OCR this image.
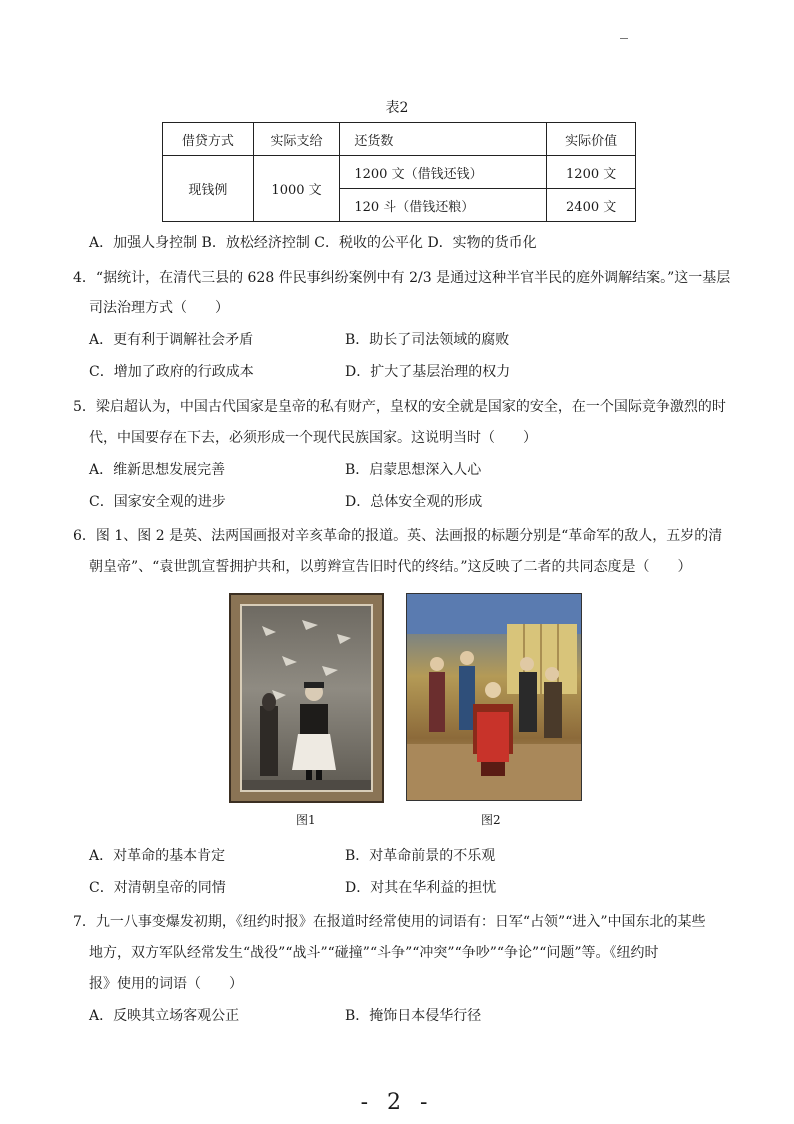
表2
借贷方式	实际支给	还货数	实际价值
现钱例	1000 文	1200 文（借钱还钱）	1200 文
		120 斗（借钱还粮）	2400 文
A．加强人身控制 B．放松经济控制 C．税收的公平化 D．实物的货币化
4．“据统计，在清代三县的 628 件民事纠纷案例中有 2/3 是通过这种半官半民的庭外调解结案。”这一基层
司法治理方式（　　）
A．更有利于调解社会矛盾	B．助长了司法领域的腐败
C．增加了政府的行政成本	D．扩大了基层治理的权力
5．梁启超认为，中国古代国家是皇帝的私有财产，皇权的安全就是国家的安全，在一个国际竞争激烈的时
代，中国要存在下去，必须形成一个现代民族国家。这说明当时（　　）
A．维新思想发展完善	B．启蒙思想深入人心
C．国家安全观的进步	D．总体安全观的形成
6．图 1、图 2 是英、法两国画报对辛亥革命的报道。英、法画报的标题分别是“革命军的敌人，五岁的清
朝皇帝”、“袁世凯宣誓拥护共和，以剪辫宣告旧时代的终结。”这反映了二者的共同态度是（　　）
图1	图2
A．对革命的基本肯定	B．对革命前景的不乐观
C．对清朝皇帝的同情	D．对其在华利益的担忧
7．九一八事变爆发初期，《纽约时报》在报道时经常使用的词语有：日军“占领”“进入”中国东北的某些
地方，双方军队经常发生“战役”“战斗”“碰撞”“斗争”“冲突”“争吵”“争论”“问题”等。《纽约时
报》使用的词语（　　）
A．反映其立场客观公正	B．掩饰日本侵华行径
- 2 -
